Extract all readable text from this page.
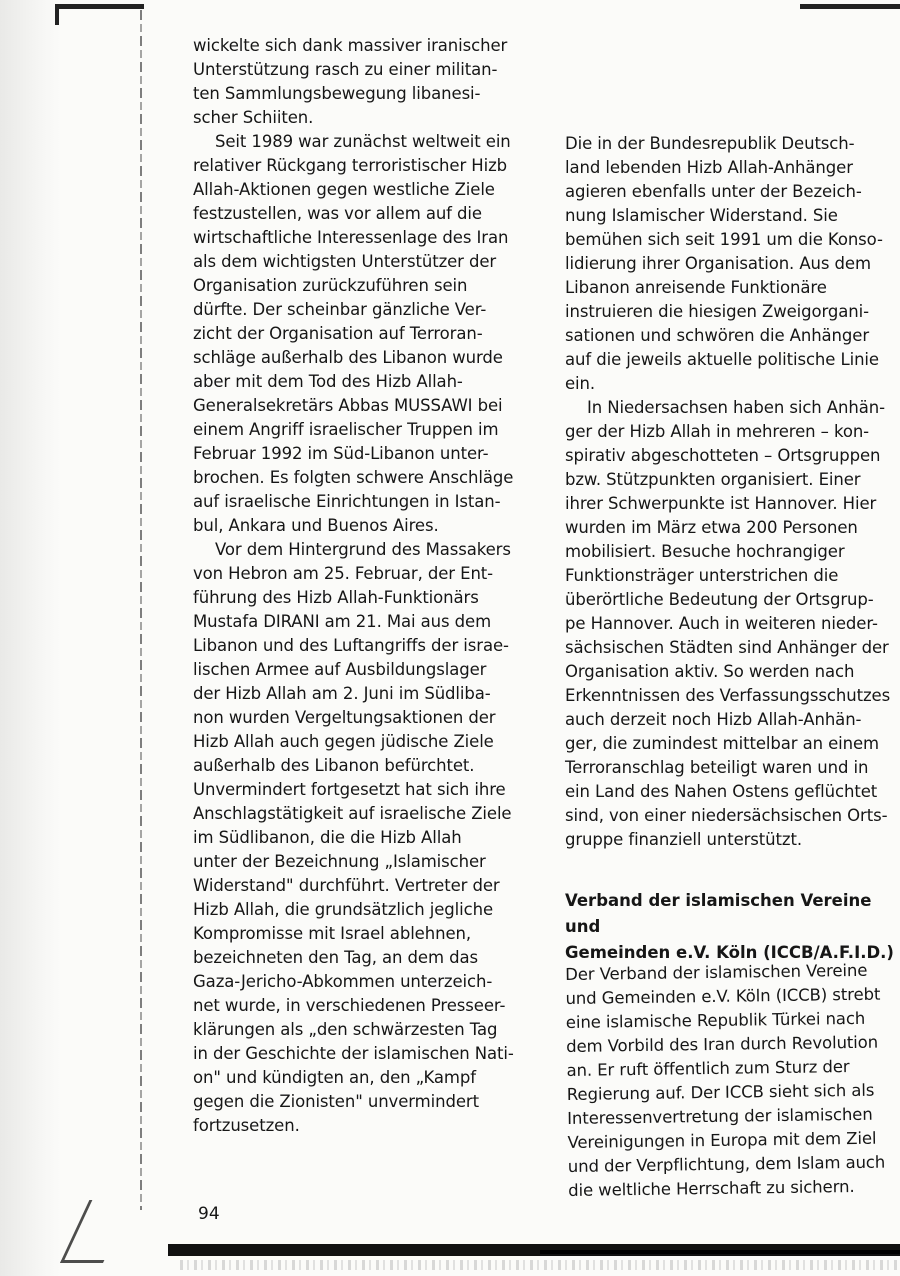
wickelte sich dank massiver iranischer
Unterstützung rasch zu einer militan-
ten Sammlungsbewegung libanesi-
scher Schiiten.

Seit 1989 war zunächst weltweit ein
relativer Rückgang terroristischer Hizb
Allah-Aktionen gegen westliche Ziele
festzustellen, was vor allem auf die
wirtschaftliche Interessenlage des Iran
als dem wichtigsten Unterstützer der
Organisation zurückzuführen sein
dürfte. Der scheinbar gänzliche Ver-
zicht der Organisation auf Terroran-
schläge außerhalb des Libanon wurde
aber mit dem Tod des Hizb Allah-
Generalsekretärs Abbas MUSSAWI bei
einem Angriff israelischer Truppen im
Februar 1992 im Süd-Libanon unter-
brochen. Es folgten schwere Anschläge
auf israelische Einrichtungen in Istan-
bul, Ankara und Buenos Aires.

Vor dem Hintergrund des Massakers
von Hebron am 25. Februar, der Ent-
führung des Hizb Allah-Funktionärs
Mustafa DIRANI am 21. Mai aus dem
Libanon und des Luftangriffs der israe-
lischen Armee auf Ausbildungslager
der Hizb Allah am 2. Juni im Südliba-
non wurden Vergeltungsaktionen der
Hizb Allah auch gegen jüdische Ziele
außerhalb des Libanon befürchtet.
Unvermindert fortgesetzt hat sich ihre
Anschlagstätigkeit auf israelische Ziele
im Südlibanon, die die Hizb Allah
unter der Bezeichnung „Islamischer
Widerstand" durchführt. Vertreter der
Hizb Allah, die grundsätzlich jegliche
Kompromisse mit Israel ablehnen,
bezeichneten den Tag, an dem das
Gaza-Jericho-Abkommen unterzeich-
net wurde, in verschiedenen Presseer-
klärungen als „den schwärzesten Tag
in der Geschichte der islamischen Nati-
on" und kündigten an, den „Kampf
gegen die Zionisten" unvermindert
fortzusetzen.

Die in der Bundesrepublik Deutsch-
land lebenden Hizb Allah-Anhänger
agieren ebenfalls unter der Bezeich-
nung Islamischer Widerstand. Sie
bemühen sich seit 1991 um die Konso-
lidierung ihrer Organisation. Aus dem
Libanon anreisende Funktionäre
instruieren die hiesigen Zweigorgani-
sationen und schwören die Anhänger
auf die jeweils aktuelle politische Linie
ein.

In Niedersachsen haben sich Anhän-
ger der Hizb Allah in mehreren – kon-
spirativ abgeschotteten – Ortsgruppen
bzw. Stützpunkten organisiert. Einer
ihrer Schwerpunkte ist Hannover. Hier
wurden im März etwa 200 Personen
mobilisiert. Besuche hochrangiger
Funktionsträger unterstrichen die
überörtliche Bedeutung der Ortsgrup-
pe Hannover. Auch in weiteren nieder-
sächsischen Städten sind Anhänger der
Organisation aktiv. So werden nach
Erkenntnissen des Verfassungsschutzes
auch derzeit noch Hizb Allah-Anhän-
ger, die zumindest mittelbar an einem
Terroranschlag beteiligt waren und in
ein Land des Nahen Ostens geflüchtet
sind, von einer niedersächsischen Orts-
gruppe finanziell unterstützt.

Verband der islamischen Vereine und
Gemeinden e.V. Köln (ICCB/A.F.I.D.)

Der Verband der islamischen Vereine
und Gemeinden e.V. Köln (ICCB) strebt
eine islamische Republik Türkei nach
dem Vorbild des Iran durch Revolution
an. Er ruft öffentlich zum Sturz der
Regierung auf. Der ICCB sieht sich als
Interessenvertretung der islamischen
Vereinigungen in Europa mit dem Ziel
und der Verpflichtung, dem Islam auch
die weltliche Herrschaft zu sichern.

94
